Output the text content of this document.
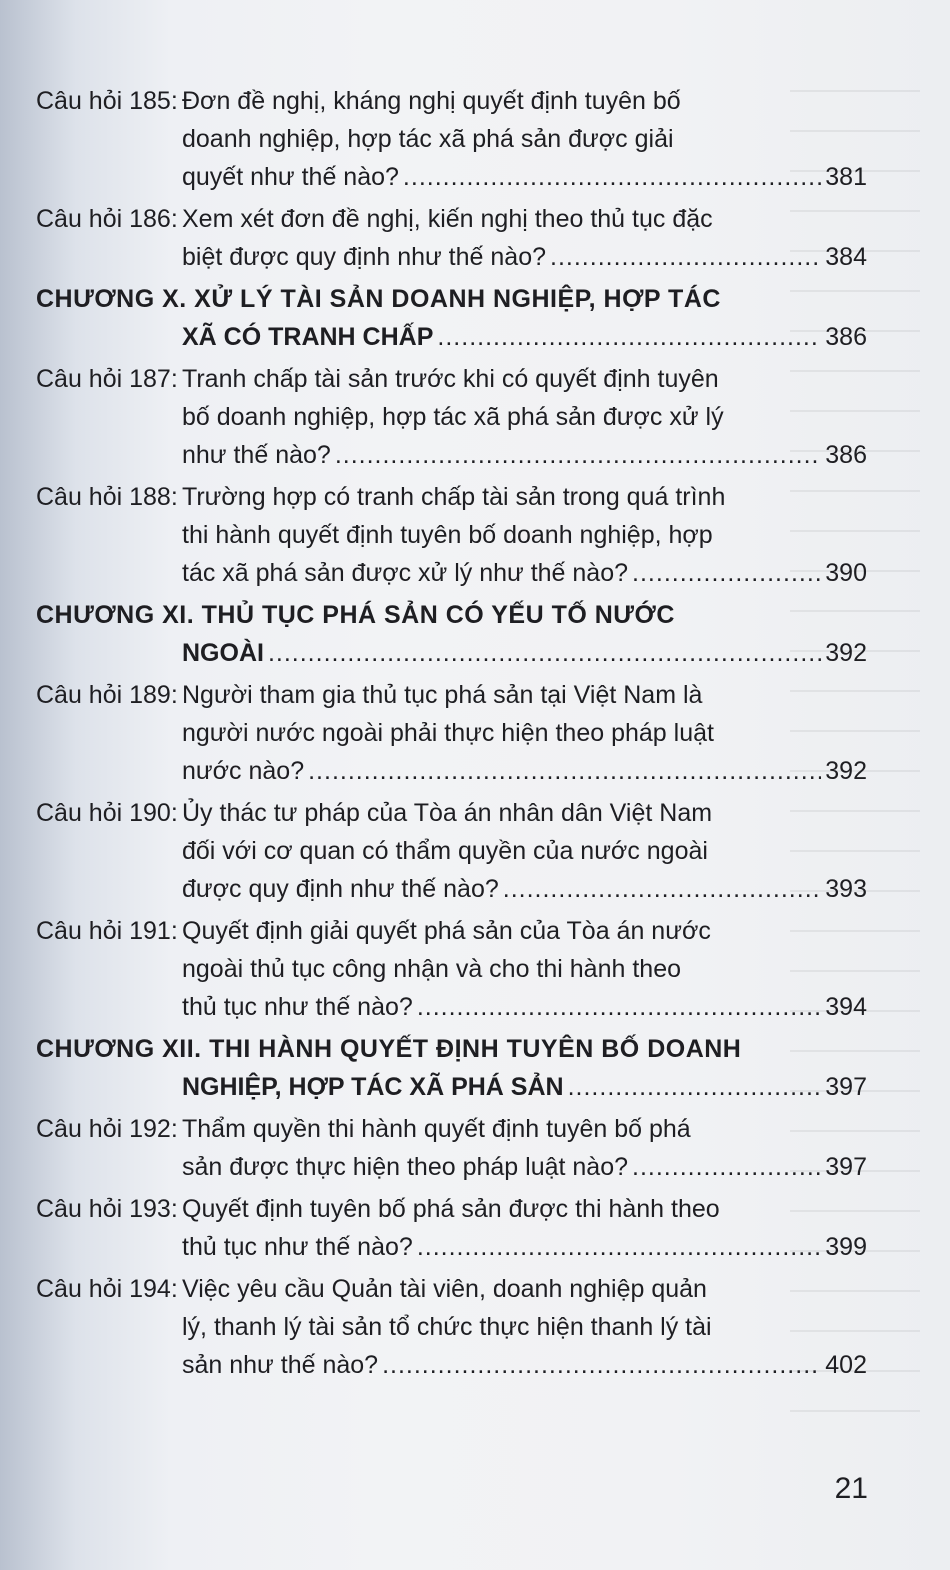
Câu hỏi 185: Đơn đề nghị, kháng nghị quyết định tuyên bố
doanh nghiệp, hợp tác xã phá sản được giải
quyết như thế nào? .....	381
Câu hỏi 186: Xem xét đơn đề nghị, kiến nghị theo thủ tục đặc
biệt được quy định như thế nào? .....	384
CHƯƠNG X. XỬ LÝ TÀI SẢN DOANH NGHIỆP, HỢP TÁC
XÃ CÓ TRANH CHẤP .....	386
Câu hỏi 187: Tranh chấp tài sản trước khi có quyết định tuyên
bố doanh nghiệp, hợp tác xã phá sản được xử lý
như thế nào? .....	386
Câu hỏi 188: Trường hợp có tranh chấp tài sản trong quá trình
thi hành quyết định tuyên bố doanh nghiệp, hợp
tác xã phá sản được xử lý như thế nào? .....	390
CHƯƠNG XI. THỦ TỤC PHÁ SẢN CÓ YẾU TỐ NƯỚC
NGOÀI .....	392
Câu hỏi 189: Người tham gia thủ tục phá sản tại Việt Nam là
người nước ngoài phải thực hiện theo pháp luật
nước nào? .....	392
Câu hỏi 190: Ủy thác tư pháp của Tòa án nhân dân Việt Nam
đối với cơ quan có thẩm quyền của nước ngoài
được quy định như thế nào? .....	393
Câu hỏi 191: Quyết định giải quyết phá sản của Tòa án nước
ngoài thủ tục công nhận và cho thi hành theo
thủ tục như thế nào? .....	394
CHƯƠNG XII. THI HÀNH QUYẾT ĐỊNH TUYÊN BỐ DOANH
NGHIỆP, HỢP TÁC XÃ PHÁ SẢN .....	397
Câu hỏi 192: Thẩm quyền thi hành quyết định tuyên bố phá
sản được thực hiện theo pháp luật nào? .....	397
Câu hỏi 193: Quyết định tuyên bố phá sản được thi hành theo
thủ tục như thế nào? .....	399
Câu hỏi 194: Việc yêu cầu Quản tài viên, doanh nghiệp quản
lý, thanh lý tài sản tổ chức thực hiện thanh lý tài
sản như thế nào? .....	402
21
